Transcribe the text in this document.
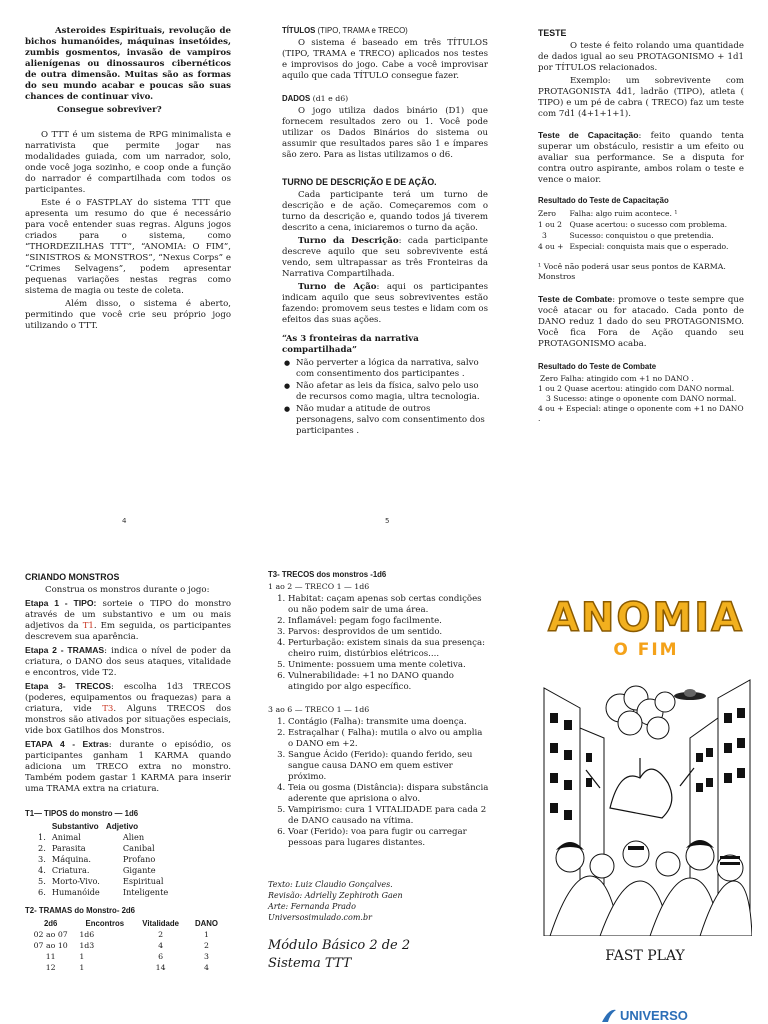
Asteroides Espirituais, revolução de bichos humanóides, máquinas insetóides, zumbis gosmentos, invasão de vampiros alienígenas ou dinossauros cibernéticos de outra dimensão. Muitas são as formas do seu mundo acabar e poucas são suas chances de continuar vivo.

Consegue sobreviver?

O TTT é um sistema de RPG minimalista e narrativista que permite jogar nas modalidades guiada, com um narrador, solo, onde você joga sozinho, e coop onde a função do narrador é compartilhada com todos os participantes.

Este é o FASTPLAY do sistema TTT que apresenta um resumo do que é necessário para você entender suas regras. Alguns jogos criados para o sistema, como “THORDEZILHAS TTT”, “ANOMIA: O FIM”, “SINISTROS & MONSTROS”, “Nexus Corps” e “Crimes Selvagens”, podem apresentar pequenas variações nestas regras como sistema de magia ou teste de coleta.

Além disso, o sistema é aberto, permitindo que você crie seu próprio jogo utilizando o TTT.

4

TÍTULOS (TIPO, TRAMA e TRECO)

O sistema é baseado em três TÍTULOS (TIPO, TRAMA e TRECO) aplicados nos testes e improvisos do jogo. Cabe a você improvisar aquilo que cada TÍTULO consegue fazer.

DADOS (d1 e d6)

O jogo utiliza dados binário (D1) que fornecem resultados zero ou 1. Você pode utilizar os Dados Binários do sistema ou assumir que resultados pares são 1 e ímpares são zero. Para as listas utilizamos o d6.

TURNO DE DESCRIÇÃO E DE AÇÃO.

Cada participante terá um turno de descrição e de ação. Começaremos com o turno da descrição e, quando todos já tiverem descrito a cena, iniciaremos o turno da ação.

Turno da Descrição: cada participante descreve aquilo que seu sobrevivente está vendo, sem ultrapassar as três Fronteiras da Narrativa Compartilhada.

Turno de Ação: aqui os participantes indicam aquilo que seus sobreviventes estão fazendo: promovem seus testes e lidam com os efeitos das suas ações.

“As 3 fronteiras da narrativa compartilhada”

● Não perverter a lógica da narrativa, salvo com consentimento dos participantes .
● Não afetar as leis da física, salvo pelo uso de recursos como magia, ultra tecnologia.
● Não mudar a atitude de outros personagens, salvo com consentimento dos participantes .
5

TESTE

O teste é feito rolando uma quantidade de dados igual ao seu PROTAGONISMO + 1d1 por TÍTULOS relacionados.

Exemplo: um sobrevivente com PROTAGONISTA 4d1, ladrão (TIPO), atleta ( TIPO) e um pé de cabra ( TRECO) faz um teste com 7d1 (4+1+1+1).

Teste de Capacitação: feito quando tenta superar um obstáculo, resistir a um efeito ou avaliar sua performance. Se a disputa for contra outro aspirante, ambos rolam o teste e vence o maior.

Resultado do Teste de Capacitação

Zero	Falha: algo ruim acontece. ¹
1 ou 2	Quase acertou: o sucesso com problema.
3	Sucesso: conquistou o que pretendia.
4 ou +	Especial: conquista mais que o esperado.

¹ Você não poderá usar seus pontos de KARMA. Monstros

Teste de Combate: promove o teste sempre que você atacar ou for atacado. Cada ponto de DANO reduz 1 dado do seu PROTAGONISMO. Você fica Fora de Ação quando seu PROTAGONISMO acaba.

Resultado do Teste de Combate

Zero Falha: atingido com +1 no DANO .
1 ou 2 Quase acertou: atingido com DANO normal.
3 Sucesso: atinge o oponente com DANO normal.
4 ou + Especial: atinge o oponente com +1 no DANO .

CRIANDO MONSTROS

Construa os monstros durante o jogo:

Etapa 1 - TIPO: sorteie o TIPO do monstro através de um substantivo e um ou mais adjetivos da T1. Em seguida, os participantes descrevem sua aparência.

Etapa 2 - TRAMAS: indica o nível de poder da criatura, o DANO dos seus ataques, vitalidade e encontros, vide T2.

Etapa 3- TRECOS: escolha 1d3 TRECOS (poderes, equipamentos ou fraquezas) para a criatura, vide T3. Alguns TRECOS dos monstros são ativados por situações especiais, vide box Gatilhos dos Monstros.

ETAPA 4 - Extras: durante o episódio, os participantes ganham 1 KARMA quando adiciona um TRECO extra no monstro. Também podem gastar 1 KARMA para inserir uma TRAMA extra na criatura.

T1— TIPOS do monstro — 1d6

	Substantivo	Adjetivo
1.	Animal	Alien
2.	Parasita	Canibal
3.	Máquina.	Profano
4.	Criatura.	Gigante
5.	Morto-Vivo.	Espiritual
6.	Humanóide	Inteligente

T2- TRAMAS do Monstro- 2d6

2d6	Encontros	Vitalidade	DANO
02 ao 07	1d6	2	1
07 ao 10	1d3	4	2
11	1	6	3
12	1	14	4

T3- TRECOS dos monstros -1d6

1 ao 2 — TRECO 1 — 1d6

1. Habitat: caçam apenas sob certas condições ou não podem sair de uma área.
2. Inflamável: pegam fogo facilmente.
3. Parvos: desprovidos de um sentido.
4. Perturbação: existem sinais da sua presença: cheiro ruim, distúrbios elétricos....
5. Unimente: possuem uma mente coletiva.
6. Vulnerabilidade: +1 no DANO quando atingido por algo específico.

3 ao 6 — TRECO 1 — 1d6

1. Contágio (Falha): transmite uma doença.
2. Estraçalhar ( Falha): mutila o alvo ou amplia o DANO em +2.
3. Sangue Ácido (Ferido): quando ferido, seu sangue causa DANO em quem estiver próximo.
4. Teia ou gosma (Distância): dispara substância aderente que aprisiona o alvo.
5. Vampirismo: cura 1 VITALIDADE para cada 2 de DANO causado na vítima.
6. Voar (Ferido): voa para fugir ou carregar pessoas para lugares distantes.
Texto: Luiz Claudio Gonçalves.
Revisão: Adrielly Zephiroth Gaen
Arte: Fernanda Prado
Universosimulado.com.br
Módulo Básico 2 de 2
Sistema TTT
ANOMIA
O FIM
FAST PLAY
UNIVERSO
